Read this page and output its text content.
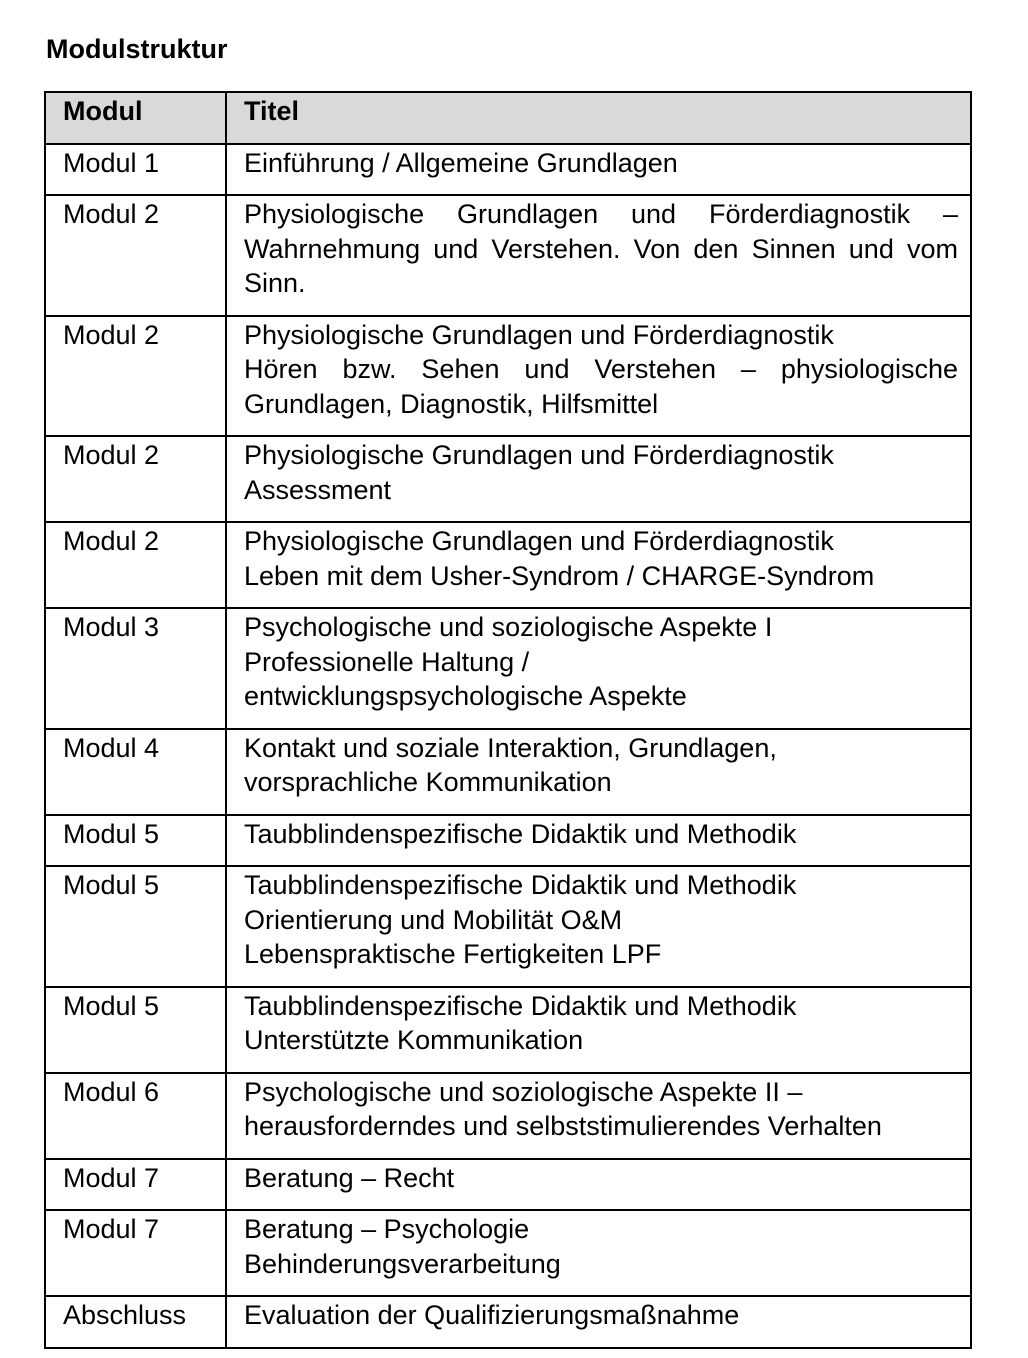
Modulstruktur
Modul	Titel
Modul 1	Einführung / Allgemeine Grundlagen

Modul 2	Physiologische Grundlagen und Förderdiagnostik –
Wahrnehmung und Verstehen. Von den Sinnen und vom
Sinn.

Modul 2	Physiologische Grundlagen und Förderdiagnostik
Hören bzw. Sehen und Verstehen – physiologische
Grundlagen, Diagnostik, Hilfsmittel

Modul 2	Physiologische Grundlagen und Förderdiagnostik
Assessment

Modul 2	Physiologische Grundlagen und Förderdiagnostik
Leben mit dem Usher-Syndrom / CHARGE-Syndrom

Modul 3	Psychologische und soziologische Aspekte I
Professionelle Haltung /
entwicklungspsychologische Aspekte

Modul 4	Kontakt und soziale Interaktion, Grundlagen,
vorsprachliche Kommunikation

Modul 5	Taubblindenspezifische Didaktik und Methodik

Modul 5	Taubblindenspezifische Didaktik und Methodik
Orientierung und Mobilität O&M
Lebenspraktische Fertigkeiten LPF

Modul 5	Taubblindenspezifische Didaktik und Methodik
Unterstützte Kommunikation

Modul 6	Psychologische und soziologische Aspekte II –
herausforderndes und selbststimulierendes Verhalten

Modul 7	Beratung – Recht

Modul 7	Beratung – Psychologie
Behinderungsverarbeitung

Abschluss	Evaluation der Qualifizierungsmaßnahme
